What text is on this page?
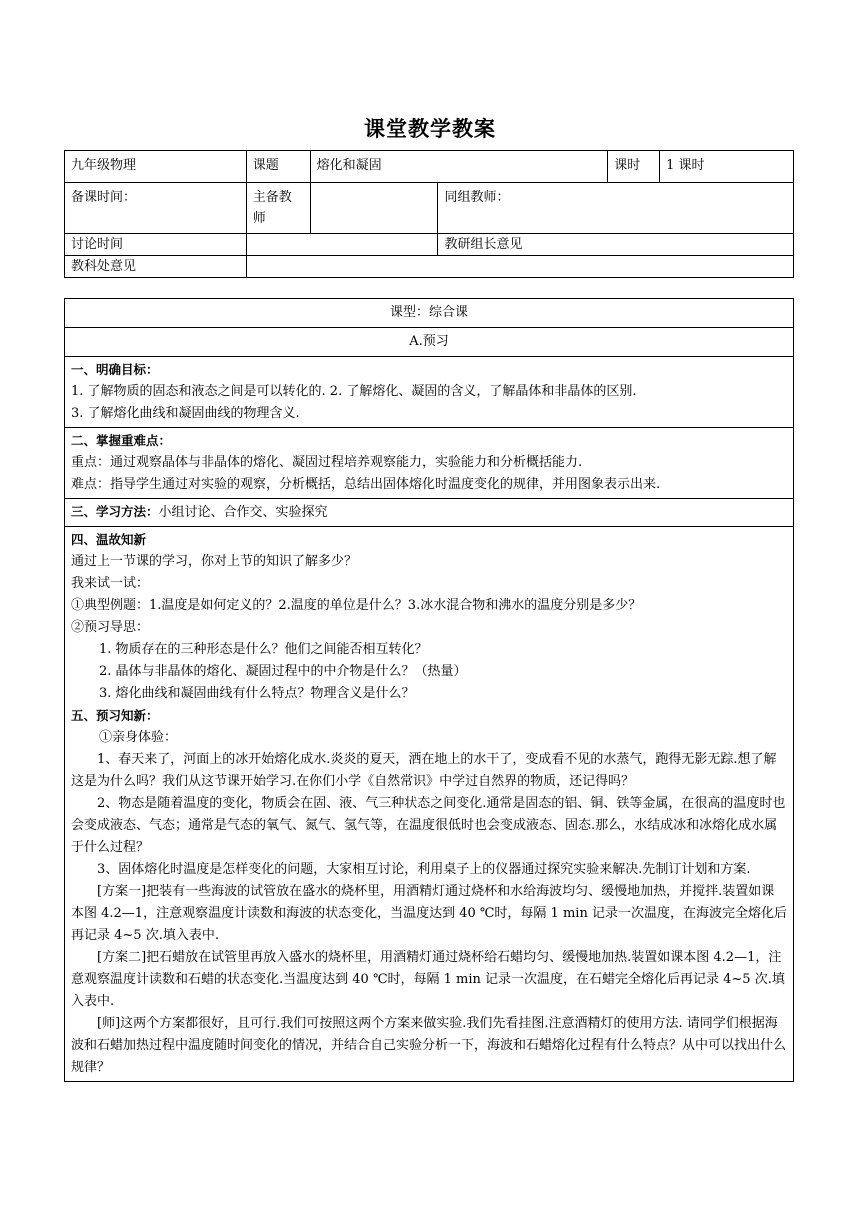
课堂教学教案
九年级物理	课题	熔化和凝固		课时	1 课时
备课时间：	主备教师		同组教师：		
讨论时间			教研组长意见		
教科处意见					
课型：综合课
A.预习

一、明确目标：

1. 了解物质的固态和液态之间是可以转化的. 2. 了解熔化、凝固的含义，了解晶体和非晶体的区别.

3. 了解熔化曲线和凝固曲线的物理含义.

二、掌握重难点：

重点：通过观察晶体与非晶体的熔化、凝固过程培养观察能力，实验能力和分析概括能力.

难点：指导学生通过对实验的观察，分析概括，总结出固体熔化时温度变化的规律，并用图象表示出来.

三、学习方法：小组讨论、合作交、实验探究

四、温故知新

通过上一节课的学习，你对上节的知识了解多少？

我来试一试：

①典型例题：1.温度是如何定义的？2.温度的单位是什么？3.冰水混合物和沸水的温度分别是多少？

②预习导思：

1. 物质存在的三种形态是什么？他们之间能否相互转化？

2. 晶体与非晶体的熔化、凝固过程中的中介物是什么？（热量）

3. 熔化曲线和凝固曲线有什么特点？物理含义是什么？

五、预习知新：

①亲身体验：

1、春天来了，河面上的冰开始熔化成水.炎炎的夏天，洒在地上的水干了，变成看不见的水蒸气，跑得无影无踪.想了解这是为什么吗？我们从这节课开始学习.在你们小学《自然常识》中学过自然界的物质，还记得吗？

2、物态是随着温度的变化，物质会在固、液、气三种状态之间变化.通常是固态的铝、铜、铁等金属，在很高的温度时也会变成液态、气态；通常是气态的氧气、氮气、氢气等，在温度很低时也会变成液态、固态.那么，水结成冰和冰熔化成水属于什么过程？

3、固体熔化时温度是怎样变化的问题，大家相互讨论，利用桌子上的仪器通过探究实验来解决.先制订计划和方案.

[方案一]把装有一些海波的试管放在盛水的烧杯里，用酒精灯通过烧杯和水给海波均匀、缓慢地加热，并搅拌.装置如课本图 4.2—1，注意观察温度计读数和海波的状态变化，当温度达到 40 ℃时，每隔 1 min 记录一次温度，在海波完全熔化后再记录 4~5 次.填入表中.

[方案二]把石蜡放在试管里再放入盛水的烧杯里，用酒精灯通过烧杯给石蜡均匀、缓慢地加热.装置如课本图 4.2—1，注意观察温度计读数和石蜡的状态变化.当温度达到 40 ℃时，每隔 1 min 记录一次温度，在石蜡完全熔化后再记录 4~5 次.填入表中.

[师]这两个方案都很好，且可行.我们可按照这两个方案来做实验.我们先看挂图.注意酒精灯的使用方法. 请同学们根据海波和石蜡加热过程中温度随时间变化的情况，并结合自己实验分析一下，海波和石蜡熔化过程有什么特点？从中可以找出什么规律？
